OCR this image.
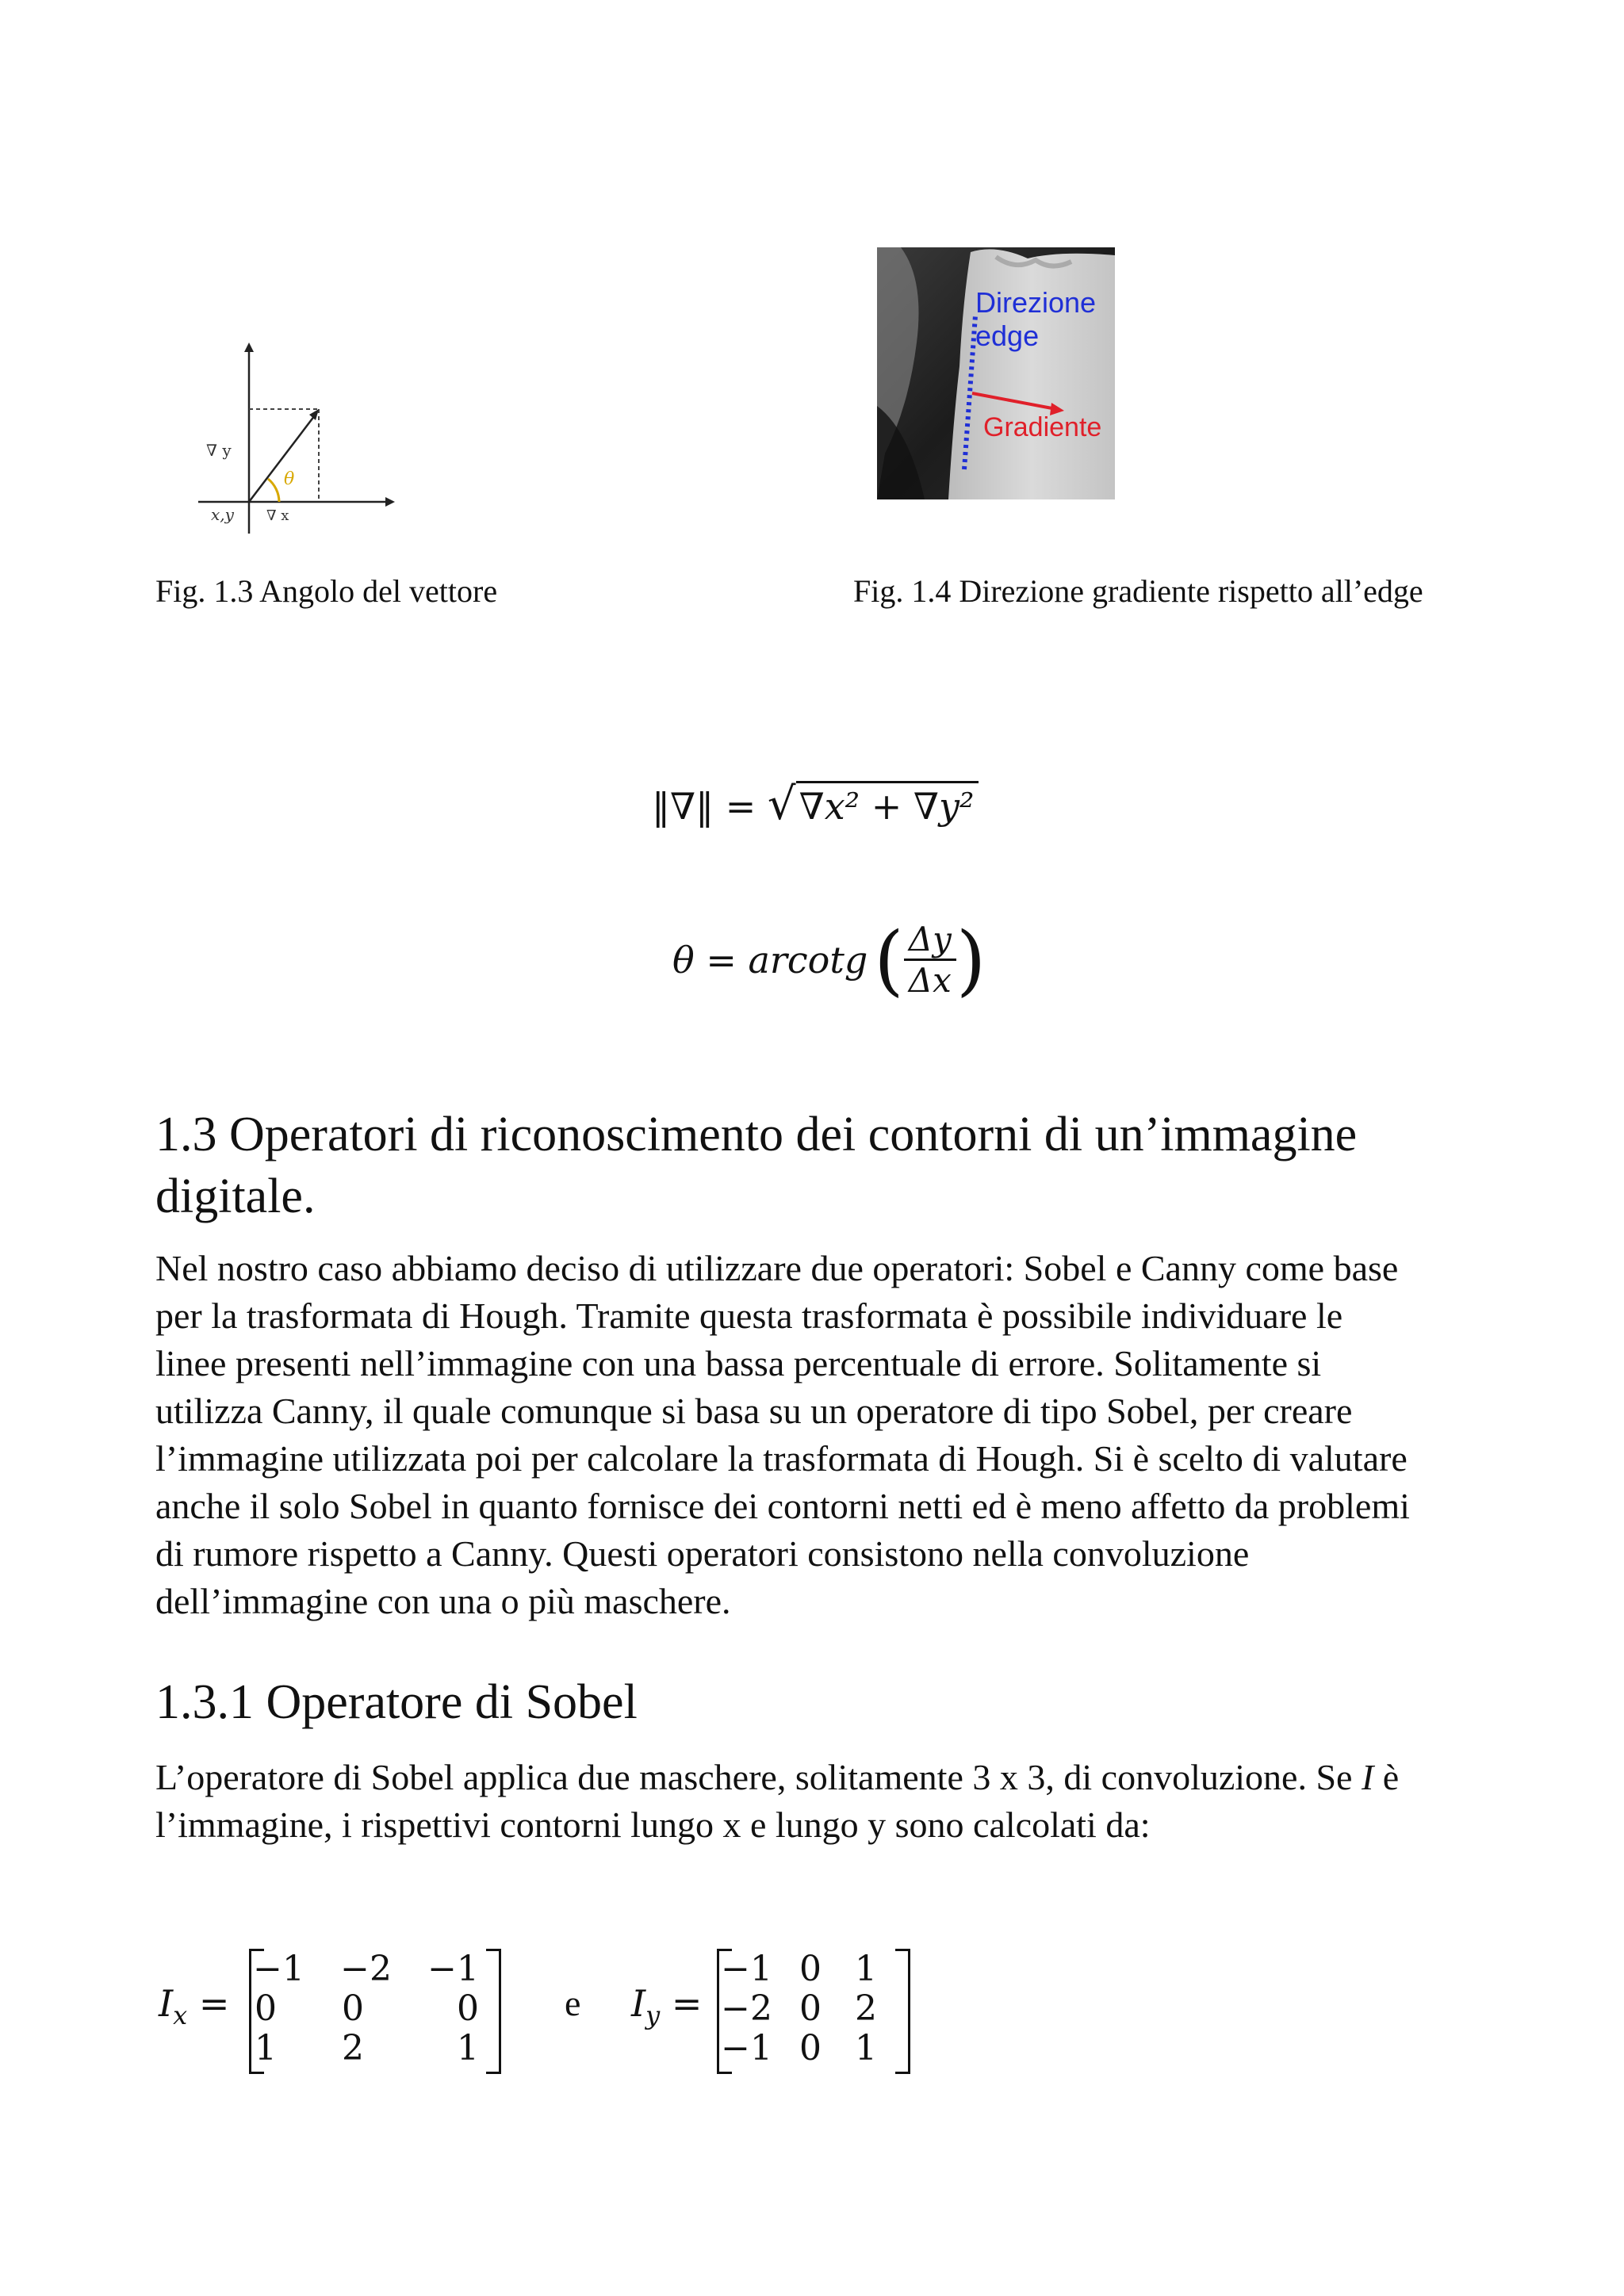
θ
∇ y
x,y ∇ x
Direzione
edge
Gradiente
Fig. 1.3 Angolo del vettore	Fig. 1.4 Direzione gradiente rispetto all’edge
‖∇‖ = √∇x² + ∇y²
θ = arcotg ( $\frac{\Delta y}{\Delta x}$ )
1.3 Operatori di riconoscimento dei contorni di un’immagine digitale.
Nel nostro caso abbiamo deciso di utilizzare due operatori: Sobel e Canny come base
per la trasformata di Hough. Tramite questa trasformata è possibile individuare le
linee presenti nell’immagine con una bassa percentuale di errore. Solitamente si
utilizza Canny, il quale comunque si basa su un operatore di tipo Sobel, per creare
l’immagine utilizzata poi per calcolare la trasformata di Hough. Si è scelto di valutare
anche il solo Sobel in quanto fornisce dei contorni netti ed è meno affetto da problemi
di rumore rispetto a Canny. Questi operatori consistono nella convoluzione
dell’immagine con una o più maschere.
1.3.1 Operatore di Sobel
L’operatore di Sobel applica due maschere, solitamente 3 x 3, di convoluzione. Se I è
l’immagine, i rispettivi contorni lungo x e lungo y sono calcolati da:
$I_x$ =
−1 −2 −1
0	0	0
1	2	1
e $I_y$ =
−1 0 1
−2 0 2
−1 0 1
